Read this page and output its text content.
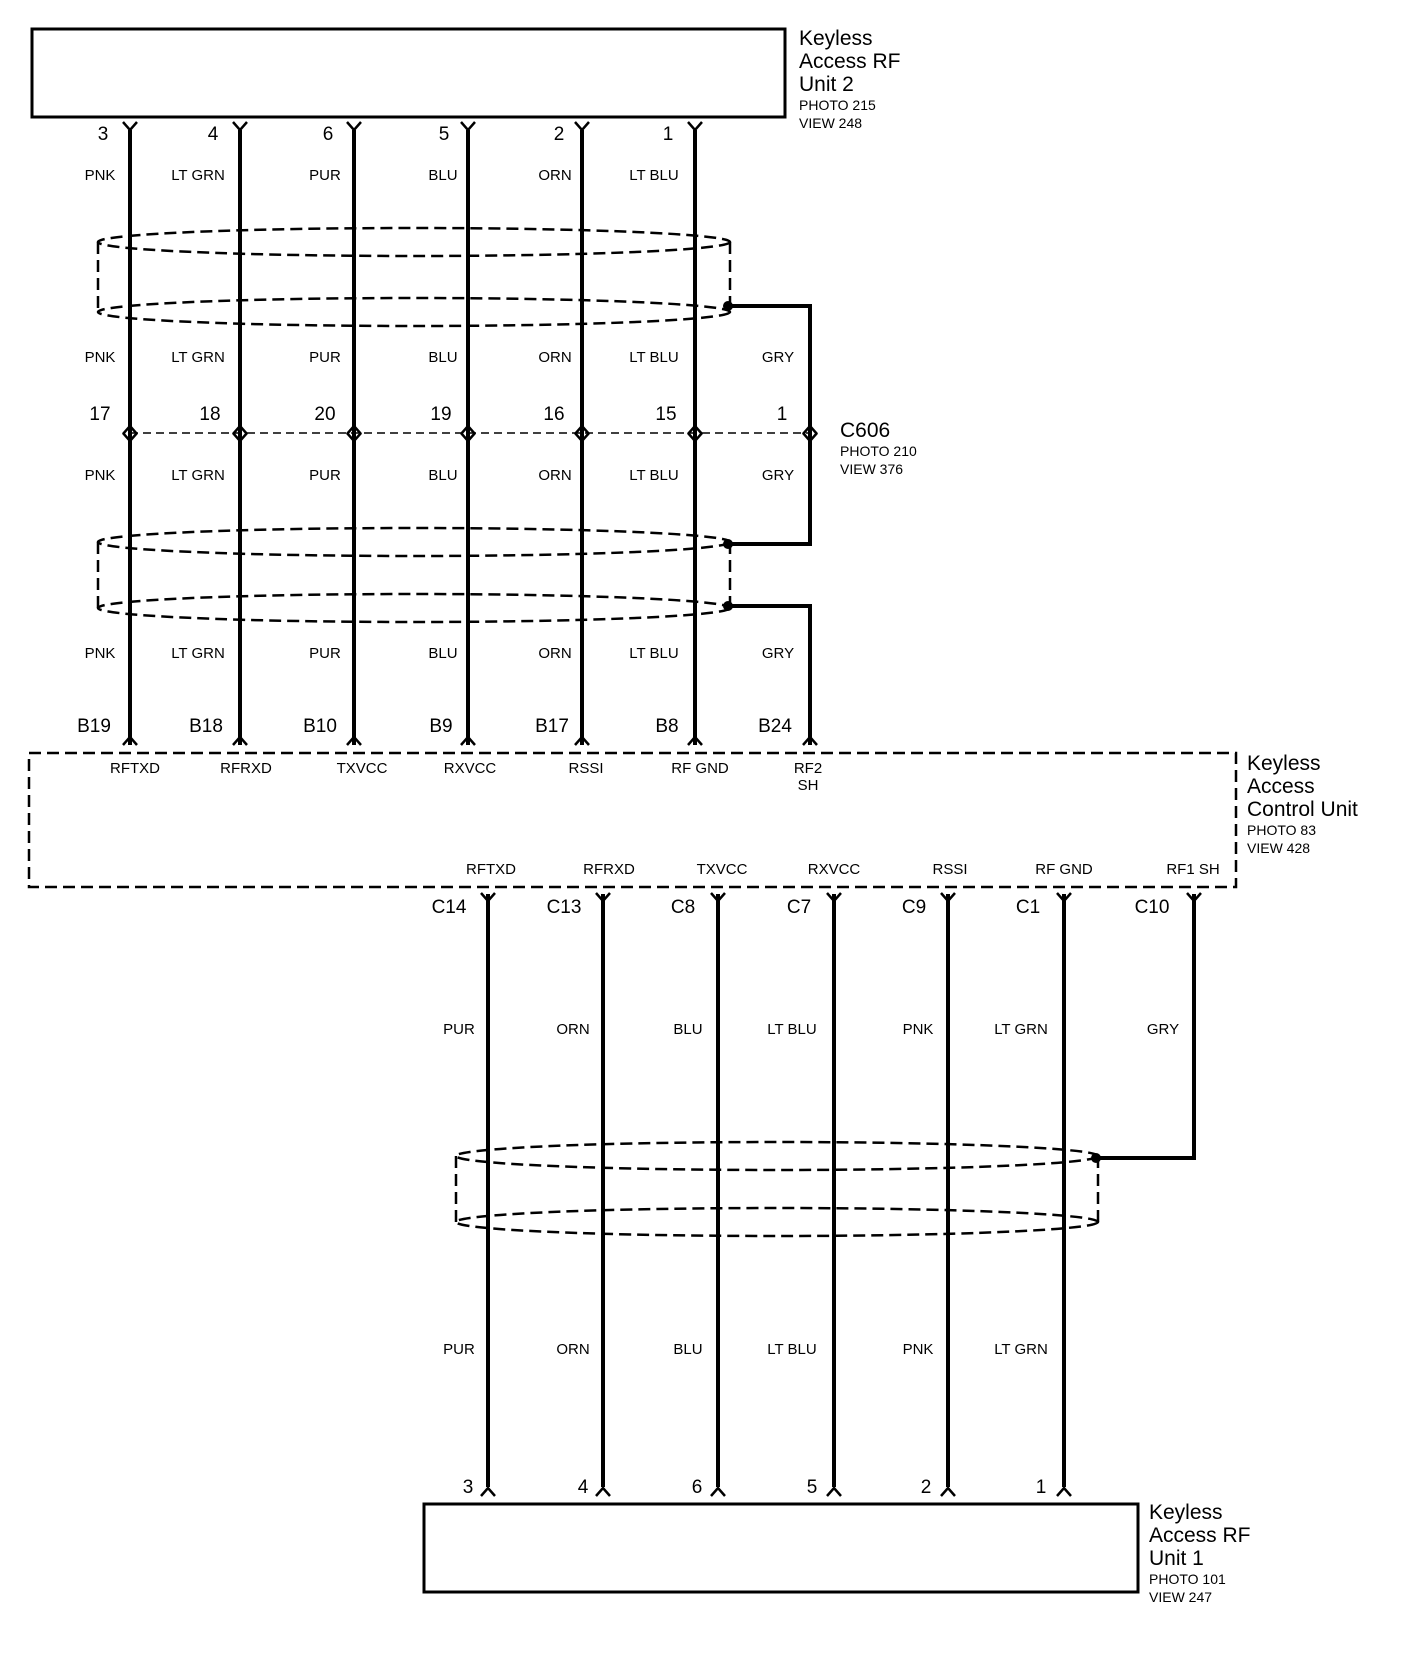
PNK	LT GRN	PUR	BLU	ORN	LT BLU
PNK	LT GRN	PUR	BLU	ORN	LT BLU	GRY
PNK	LT GRN	PUR	BLU	ORN	LT BLU	GRY
PNK	LT GRN	PUR	BLU	ORN	LT BLU	GRY
3	4	6	5	2	1
17	18	20	19	16	15	1
B19	B18	B10	B9	B17	B8	B24
RFTXD	RFRXD	TXVCC	RXVCC	RSSI	RF GND	RF2
SH
RFTXD	RFRXD	TXVCC	RXVCC	RSSI	RF GND	RF1 SH
C14	C13	C8	C7	C9	C1	C10
PUR	ORN	BLU	LT BLU	PNK	LT GRN	GRY
PUR	ORN	BLU	LT BLU	PNK	LT GRN
3	4	6	5	2	1
Keyless
Access RF
Unit 2
PHOTO 215
VIEW 248
Keyless
Access
Control Unit
PHOTO 83
VIEW 428
Keyless
Access RF
Unit 1
PHOTO 101
VIEW 247
C606
PHOTO 210
VIEW 376
